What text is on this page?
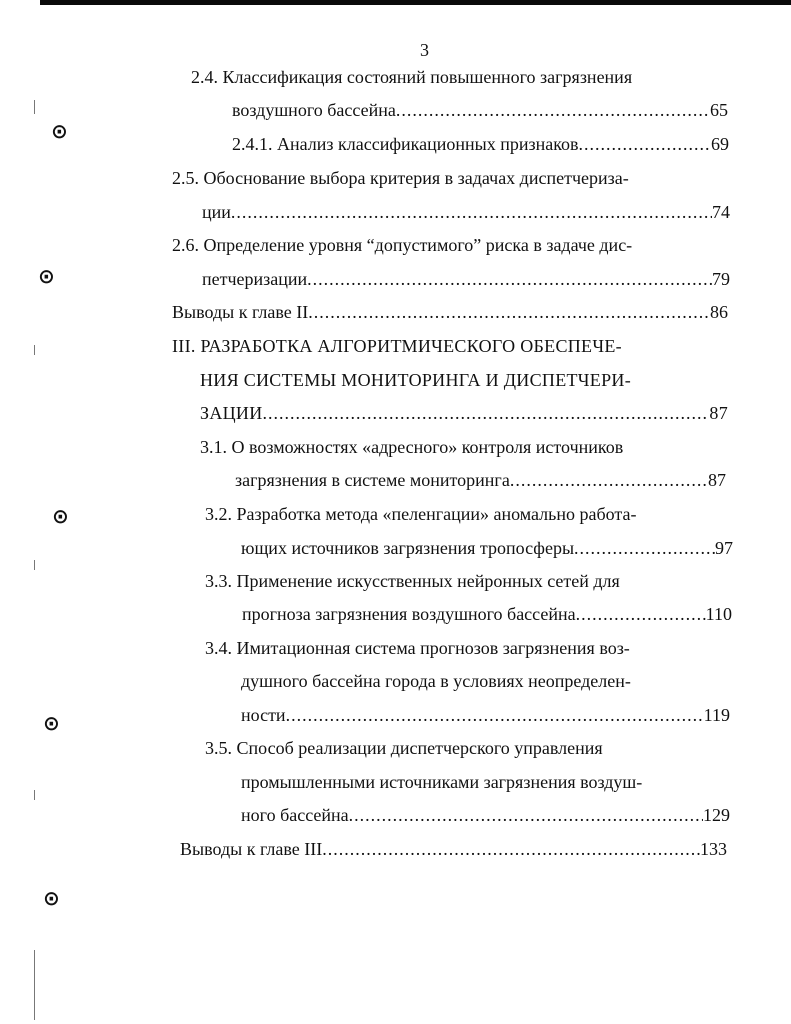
⊙
⊙
⊙
⊙
⊙
3
2.4. Классификация состояний повышенного загрязнения
воздушного бассейна .....	65
2.4.1. Анализ классификационных признаков .....	69
2.5. Обоснование выбора критерия в задачах диспетчериза-
ции .....	74
2.6. Определение уровня “допустимого” риска в задаче дис-
петчеризации .....	79
Выводы к главе II .....	86
III. РАЗРАБОТКА АЛГОРИТМИЧЕСКОГО ОБЕСПЕЧЕ-
НИЯ СИСТЕМЫ МОНИТОРИНГА И ДИСПЕТЧЕРИ-
ЗАЦИИ .....	87
3.1. О возможностях «адресного» контроля источников
загрязнения в системе мониторинга .....	87
3.2. Разработка метода «пеленгации» аномально работа-
ющих источников загрязнения тропосферы .....	97
3.3. Применение искусственных нейронных сетей для
прогноза загрязнения воздушного бассейна .....	110
3.4. Имитационная система прогнозов загрязнения воз-
душного бассейна города в условиях неопределен-
ности .....	119
3.5. Способ реализации диспетчерского управления
промышленными источниками загрязнения воздуш-
ного бассейна .....	129
Выводы к главе III .....	133
